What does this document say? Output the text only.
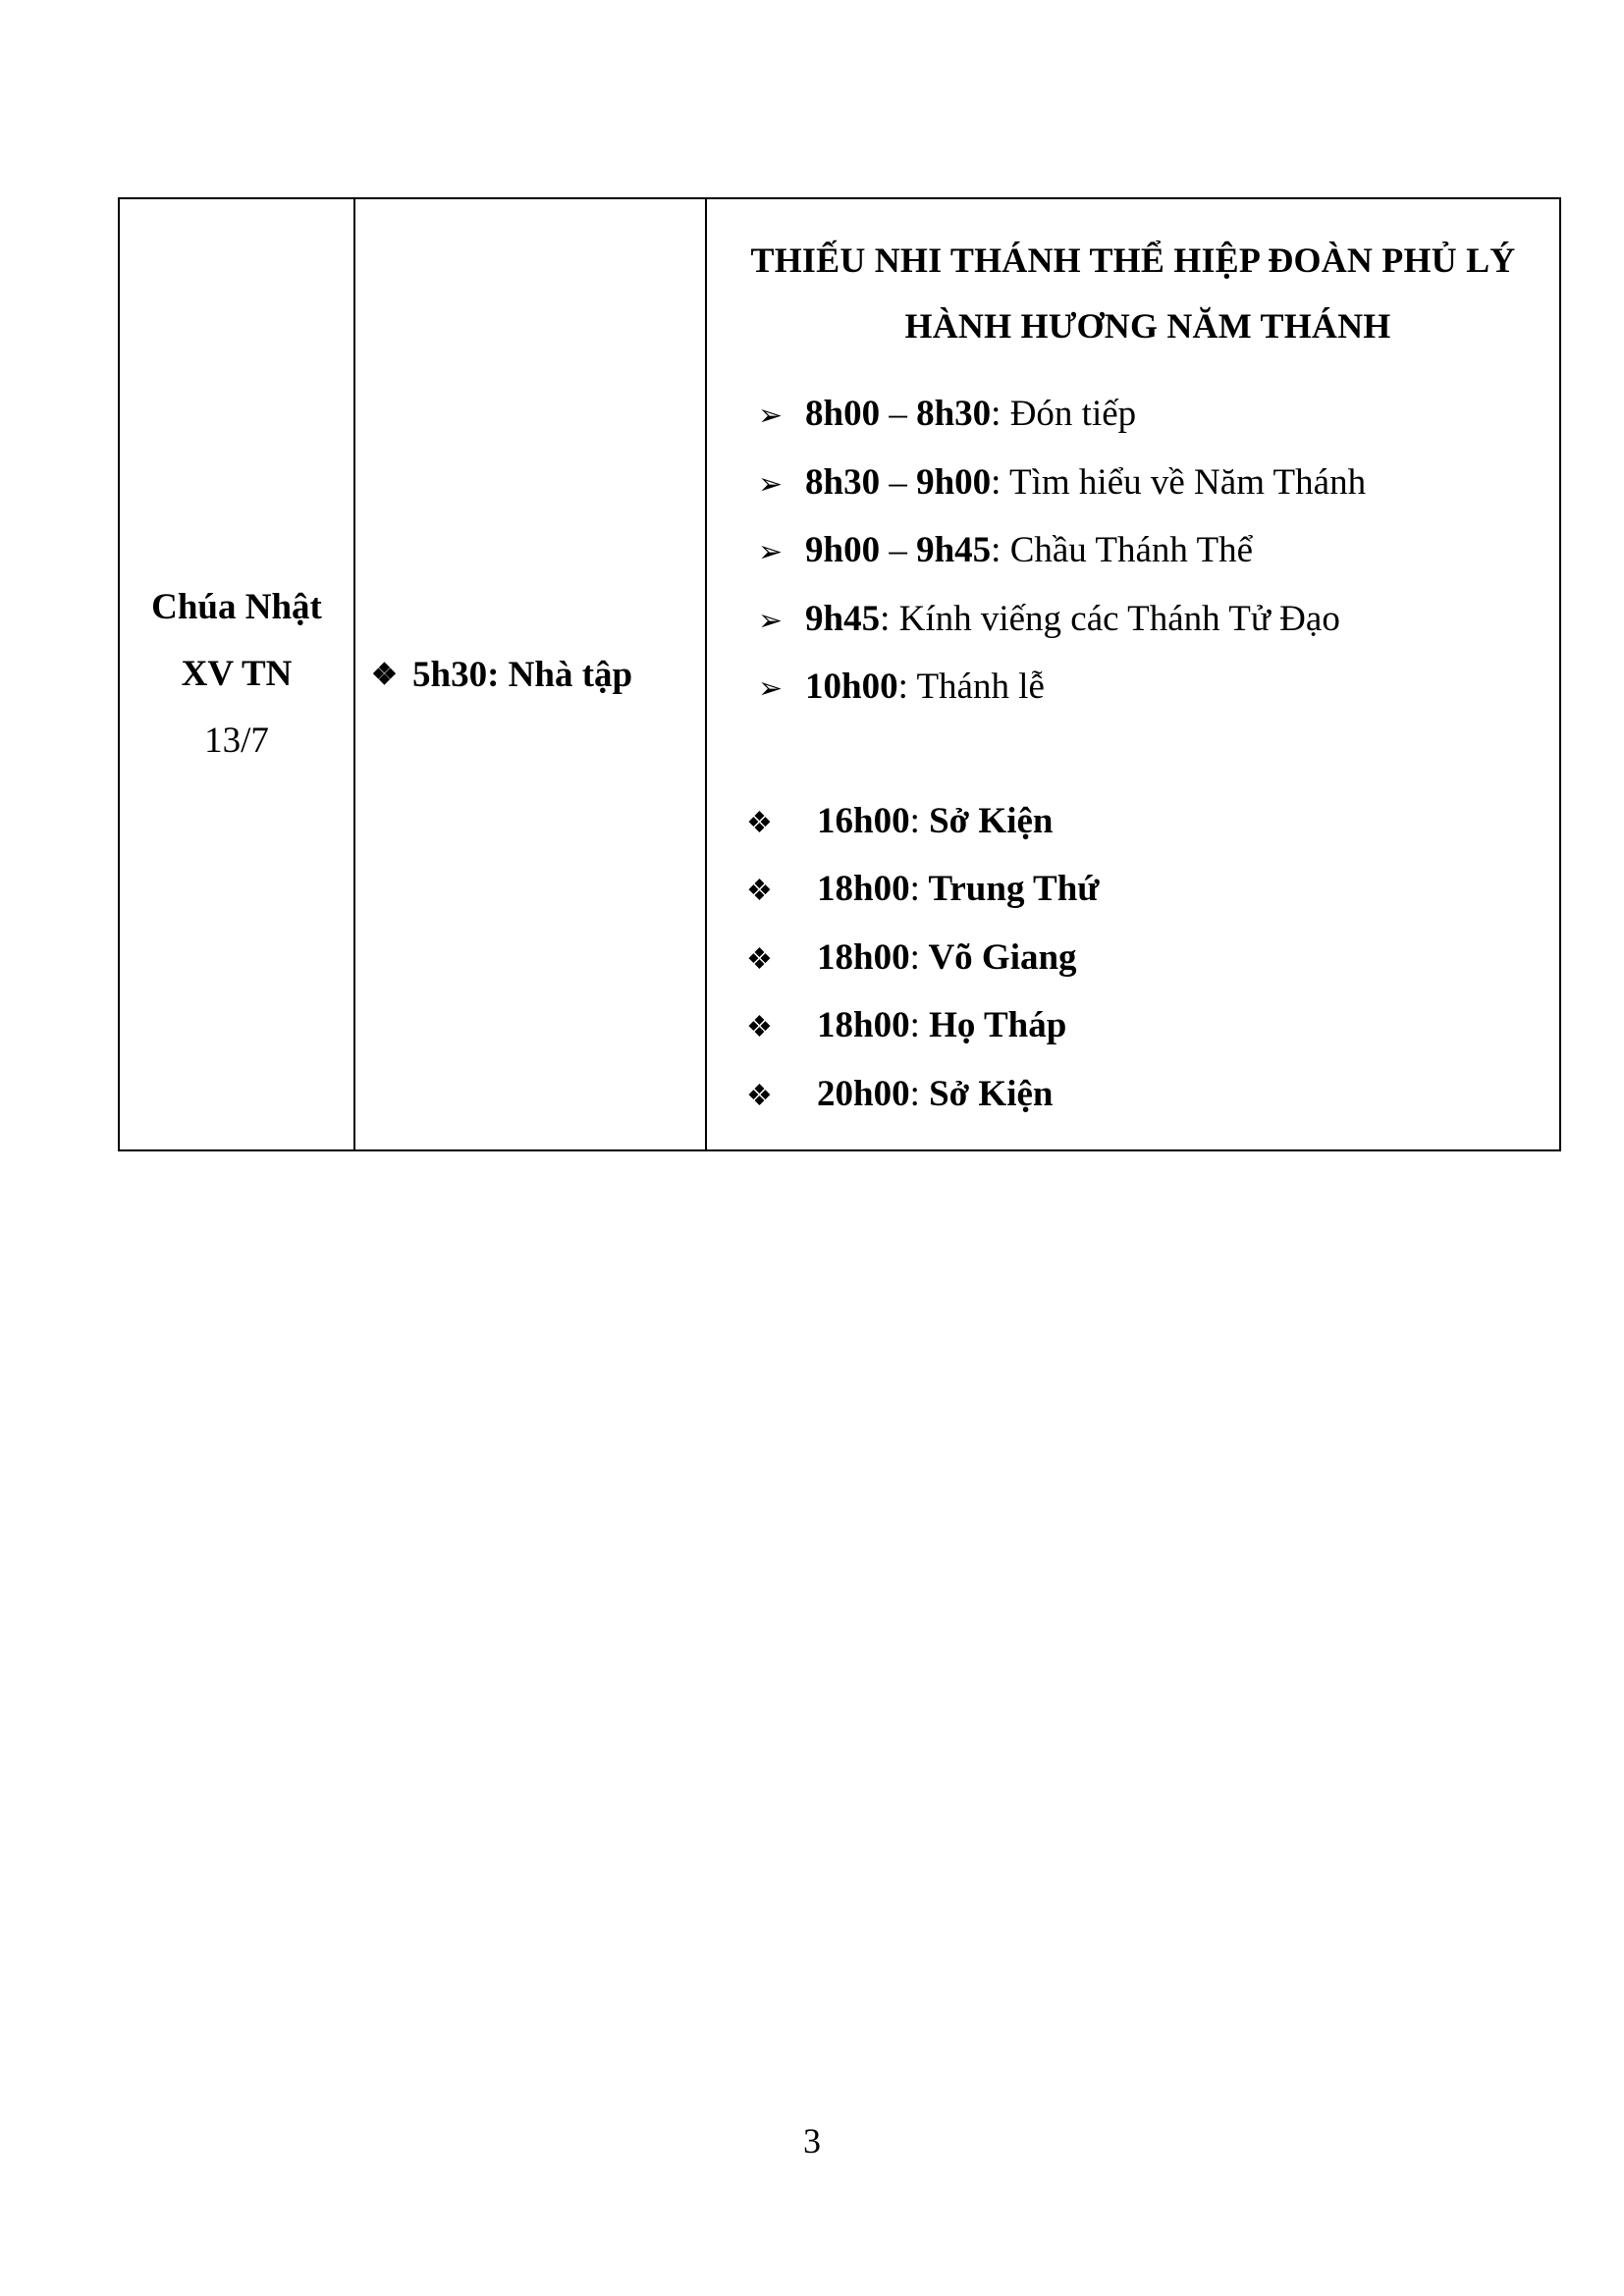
Chúa Nhật
XV TN
13/7

❖ 5h30 :
Nhà tập

THIẾU NHI THÁNH THỂ HIỆP ĐOÀN PHỦ LÝ
HÀNH HƯƠNG NĂM THÁNH
➢ 8h00 – 8h30: Đón tiếp
➢ 8h30 – 9h00: Tìm hiểu về Năm Thánh
➢ 9h00 – 9h45: Chầu Thánh Thể
➢ 9h45: Kính viếng các Thánh Tử Đạo
➢ 10h00: Thánh lễ
❖ 16h00: Sở Kiện
❖ 18h00: Trung Thứ
❖ 18h00: Võ Giang
❖ 18h00: Họ Tháp
❖ 20h00: Sở Kiện
3
